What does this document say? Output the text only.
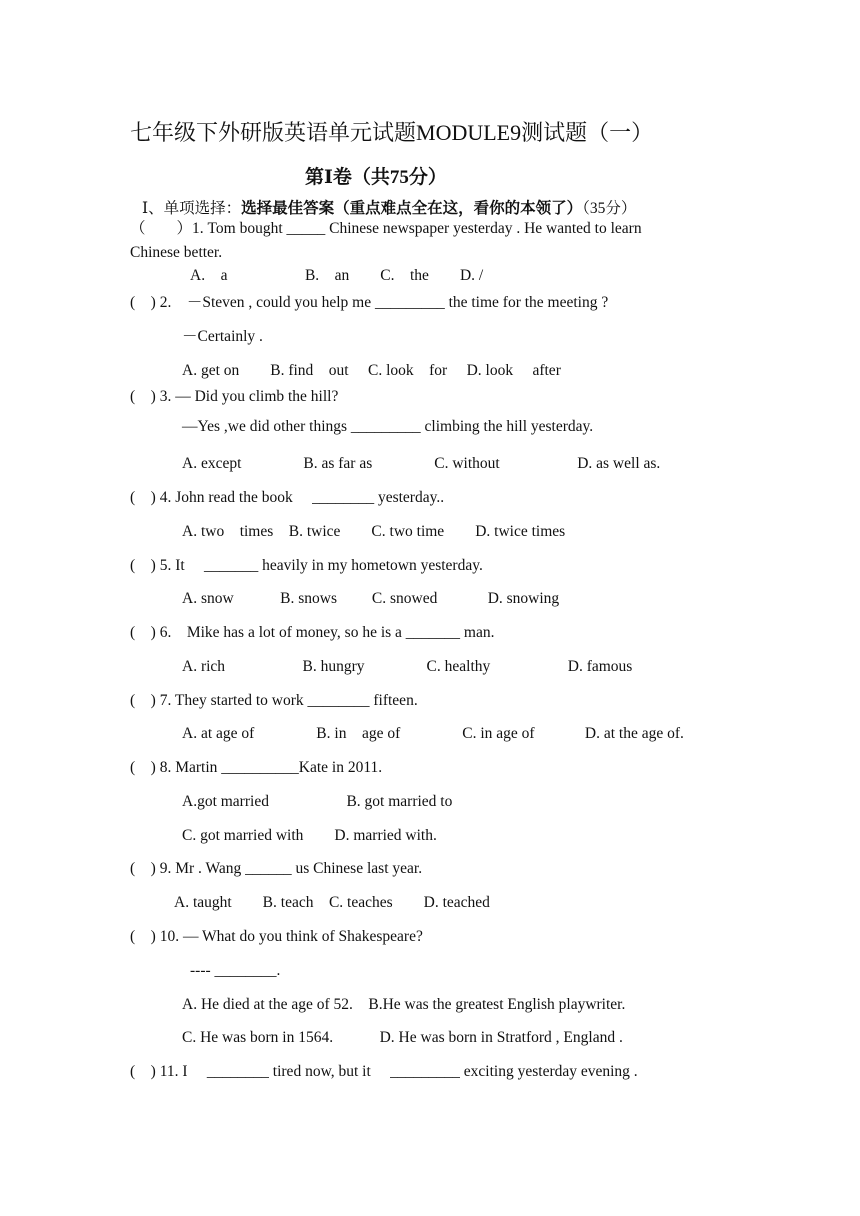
七年级下外研版英语单元试题MODULE9测试题（一）
第Ⅰ卷（共75分）
Ⅰ、单项选择：选择最佳答案（重点难点全在这，看你的本领了）（35分）
（　　）1. Tom bought _____ Chinese newspaper yesterday . He wanted to learn
Chinese better.
A.　a　　　　　B.　an　　C.　the　　D. /
(　) 2.　－Steven , could you help me _________ the time for the meeting ?
－Certainly .
A. get on　　B. find　out　 C. look　for　 D. look　 after
(　) 3. — Did you climb the hill?
—Yes ,we did other things _________ climbing the hill yesterday.
A. except　　　　B. as far as　　　　C. without　　　　　D. as well as.
(　) 4. John read the book　 ________ yesterday..
A. two　times　B. twice　　C. two time　　D. twice times
(　) 5. It　 _______ heavily in my hometown yesterday.
A. snow　　　B. snows　　 C. snowed　　　 D. snowing
(　) 6.　Mike has a lot of money, so he is a _______ man.
A. rich　　　　　B. hungry　　　　C. healthy　　　　　D. famous
(　) 7. They started to work ________ fifteen.
A. at age of　　　　B. in　age of　　　　C. in age of　　　 D. at the age of.
(　) 8. Martin __________Kate in 2011.
A.got married　　　　　B. got married to
C. got married with　　D. married with.
(　) 9. Mr . Wang ______ us Chinese last year.
A. taught　　B. teach　C. teaches　　D. teached
(　) 10. — What do you think of Shakespeare?
---- ________.
A. He died at the age of 52.　B.He was the greatest English playwriter.
C. He was born in 1564.　　　D. He was born in Stratford , England .
(　) 11. I　 ________ tired now, but it　 _________ exciting yesterday evening .
